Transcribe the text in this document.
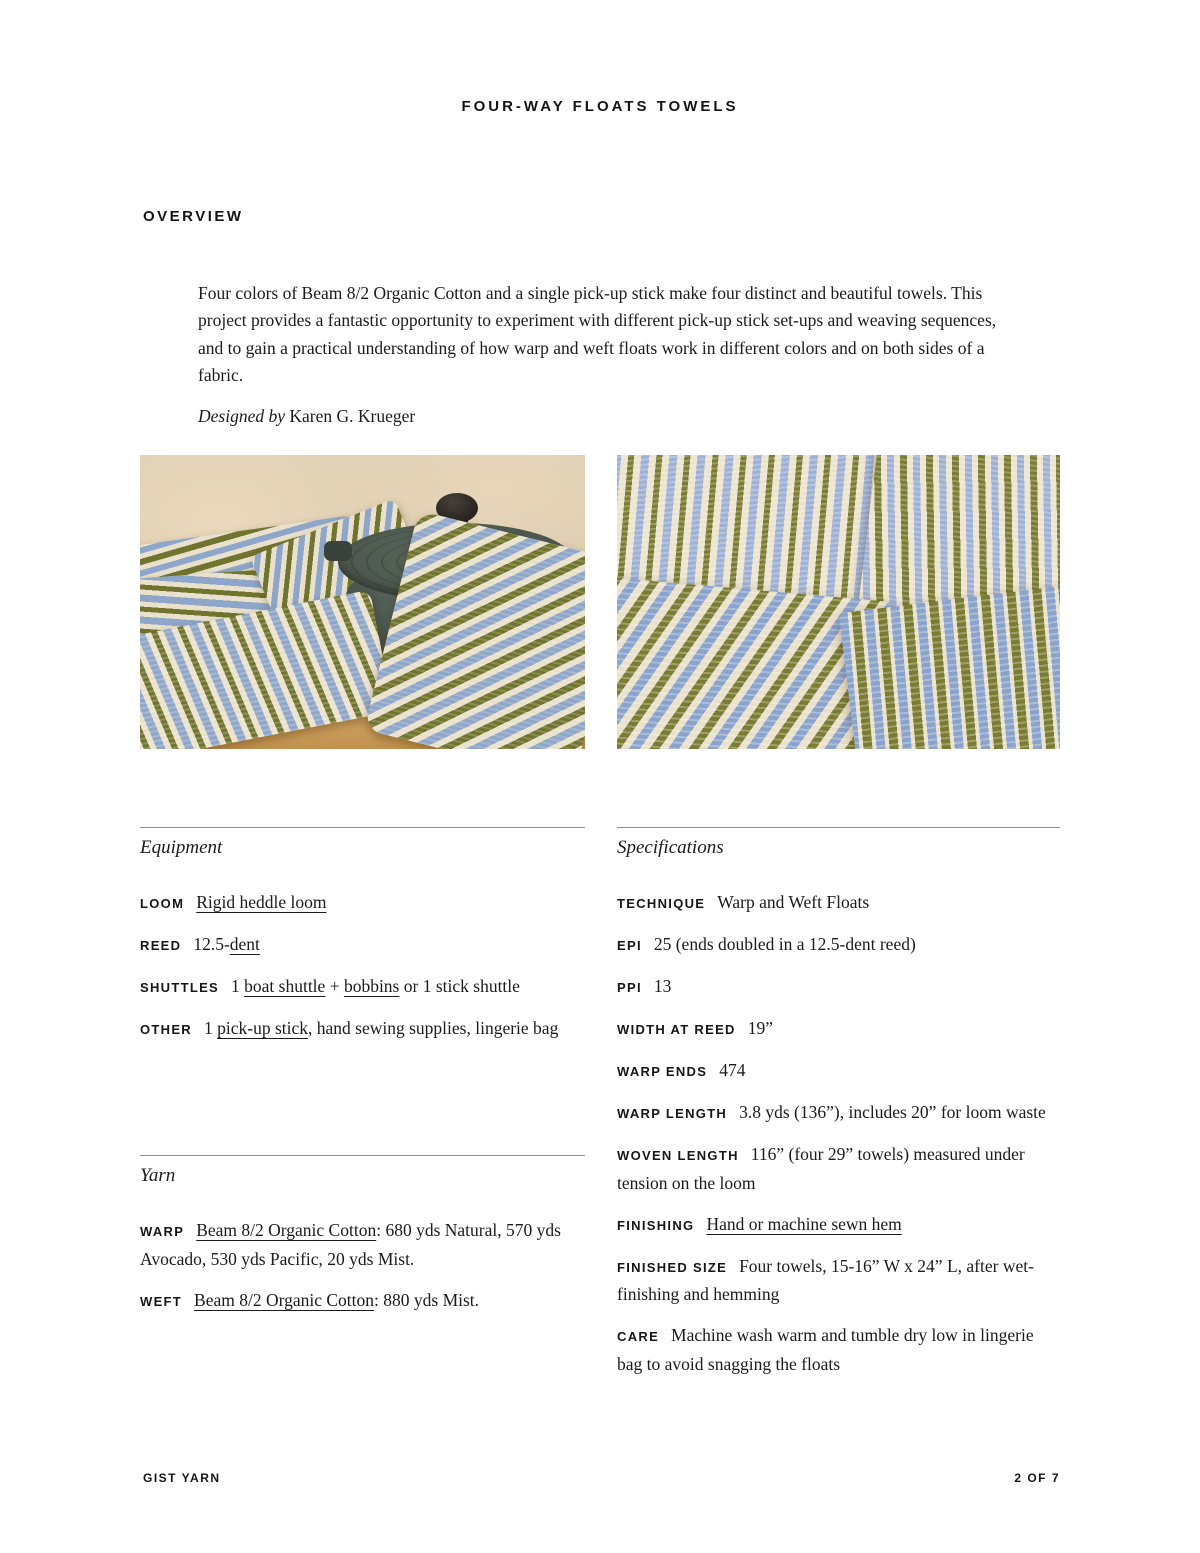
FOUR-WAY FLOATS TOWELS
OVERVIEW

Four colors of Beam 8/2 Organic Cotton and a single pick-up stick make four distinct and beautiful towels. This project provides a fantastic opportunity to experiment with different pick-up stick set-ups and weaving sequences, and to gain a practical understanding of how warp and weft floats work in different colors and on both sides of a fabric.

Designed by Karen G. Krueger

Equipment

LOOM Rigid heddle loom

REED 12.5-dent

SHUTTLES 1 boat shuttle + bobbins or 1 stick shuttle

OTHER 1 pick-up stick, hand sewing supplies, lingerie bag

Yarn

WARP Beam 8/2 Organic Cotton: 680 yds Natural, 570 yds Avocado, 530 yds Pacific, 20 yds Mist.

WEFT Beam 8/2 Organic Cotton: 880 yds Mist.

Specifications

TECHNIQUE Warp and Weft Floats

EPI 25 (ends doubled in a 12.5-dent reed)

PPI 13

WIDTH AT REED 19”

WARP ENDS 474

WARP LENGTH 3.8 yds (136”), includes 20” for loom waste

WOVEN LENGTH 116” (four 29” towels) measured under tension on the loom

FINISHING Hand or machine sewn hem

FINISHED SIZE Four towels, 15-16” W x 24” L, after wet-finishing and hemming

CARE Machine wash warm and tumble dry low in lingerie bag to avoid snagging the floats

GIST YARN	2 OF 7
